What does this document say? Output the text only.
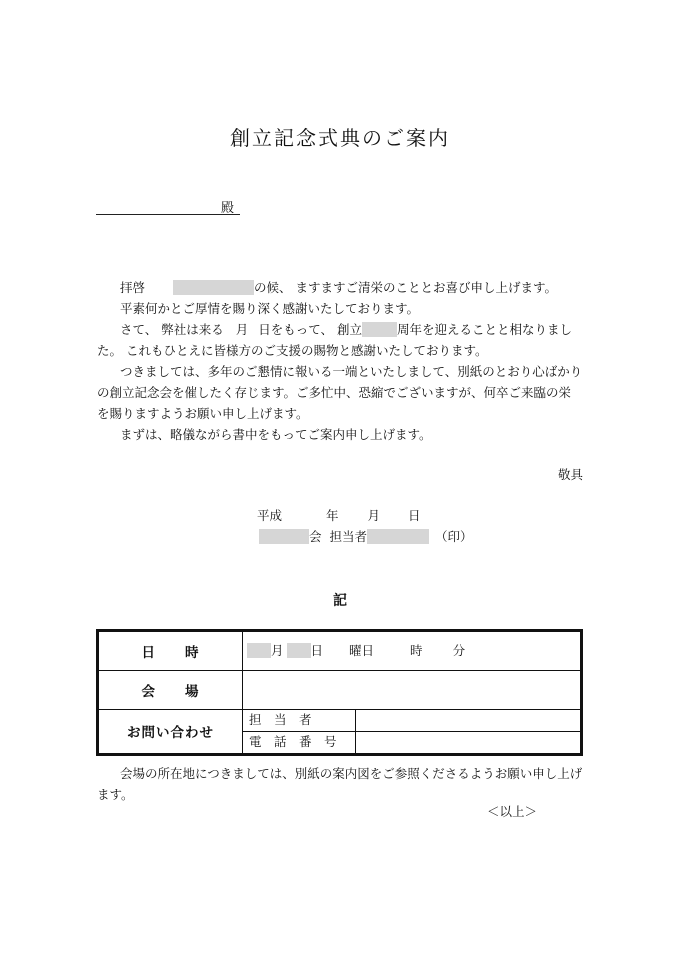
創立記念式典のご案内
殿
拝啓	の候、 ますますご清栄のこととお喜び申し上げます。
平素何かとご厚情を賜り深く感謝いたしております。
さて、 弊社は来る 月 日をもって、 創立	周年を迎えることと相なりまし
た。 これもひとえに皆様方のご支援の賜物と感謝いたしております。
つきましては、多年のご懇情に報いる一端といたしまして、別紙のとおり心ばかり
の創立記念会を催したく存じます。ご多忙中、恐縮でございますが、何卒ご来臨の栄
を賜りますようお願い申し上げます。
まずは、略儀ながら書中をもってご案内申し上げます。
敬具
平成	年 月 日
会 担当者	（印）
記
日　　時	月 日 曜日 時 分	

会　　場		
お問い合わせ	担　当　者	

	電　話　番　号	

会場の所在地につきましては、別紙の案内図をご参照くださるようお願い申し上げ
ます。
＜以上＞
